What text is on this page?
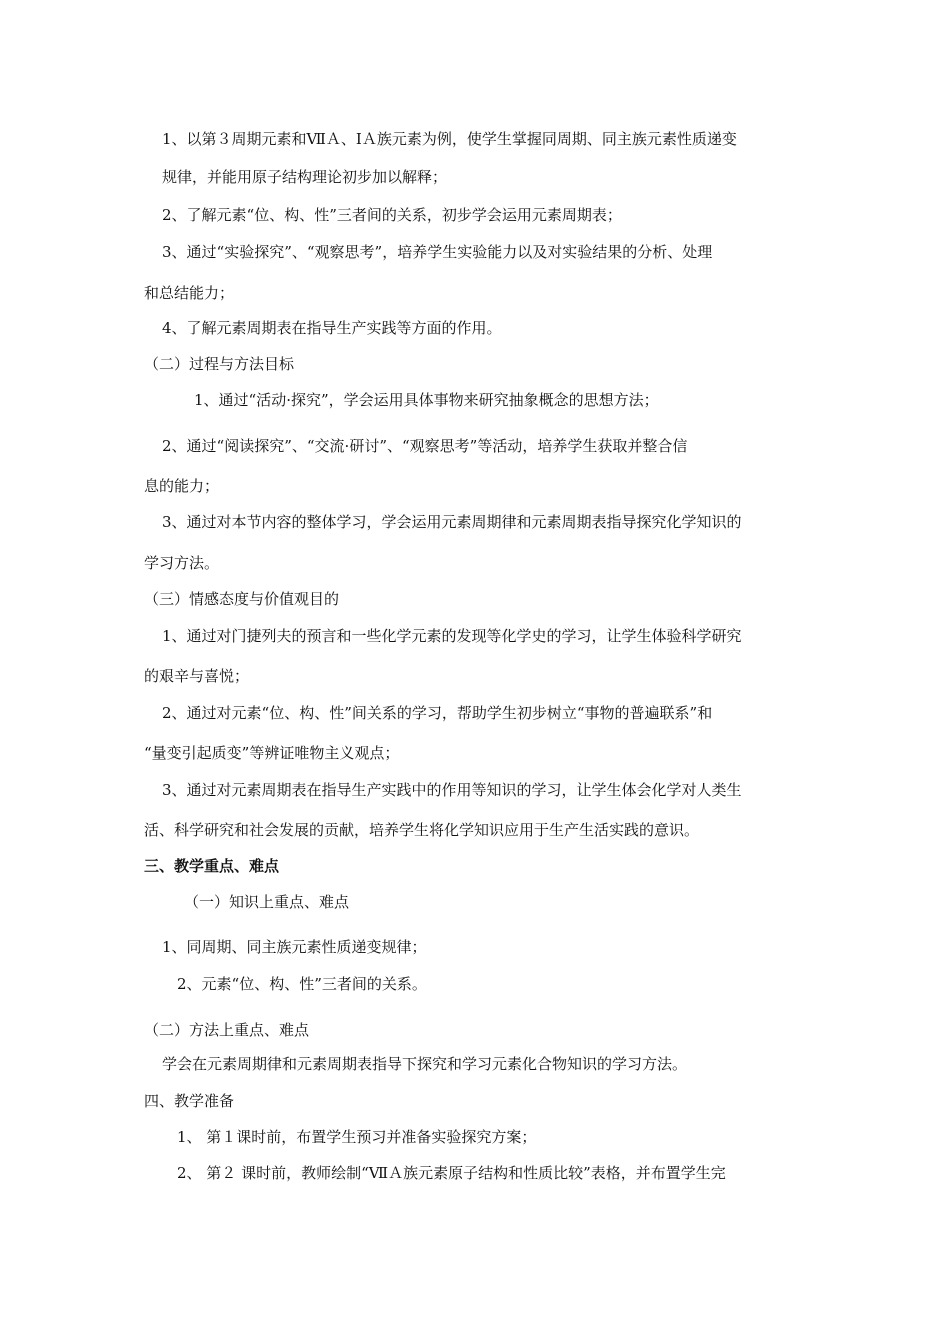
1、以第３周期元素和ⅦＡ、ⅠＡ族元素为例，使学生掌握同周期、同主族元素性质递变
规律，并能用原子结构理论初步加以解释；
2、了解元素“位、构、性”三者间的关系，初步学会运用元素周期表；
3、通过“实验探究”、“观察思考”，培养学生实验能力以及对实验结果的分析、处理
和总结能力；
4、了解元素周期表在指导生产实践等方面的作用。
（二）过程与方法目标
1、通过“活动·探究”，学会运用具体事物来研究抽象概念的思想方法；
2、通过“阅读探究”、“交流·研讨”、“观察思考”等活动，培养学生获取并整合信
息的能力；
3、通过对本节内容的整体学习，学会运用元素周期律和元素周期表指导探究化学知识的
学习方法。
（三）情感态度与价值观目的
1、通过对门捷列夫的预言和一些化学元素的发现等化学史的学习，让学生体验科学研究
的艰辛与喜悦；
2、通过对元素“位、构、性”间关系的学习，帮助学生初步树立“事物的普遍联系”和
“量变引起质变”等辨证唯物主义观点；
3、通过对元素周期表在指导生产实践中的作用等知识的学习，让学生体会化学对人类生
活、科学研究和社会发展的贡献，培养学生将化学知识应用于生产生活实践的意识。
三、教学重点、难点
（一）知识上重点、难点
1、同周期、同主族元素性质递变规律；
2、元素“位、构、性”三者间的关系。
（二）方法上重点、难点
学会在元素周期律和元素周期表指导下探究和学习元素化合物知识的学习方法。
四、教学准备
1、 第１课时前，布置学生预习并准备实验探究方案；
2、 第２ 课时前，教师绘制“ⅦＡ族元素原子结构和性质比较”表格，并布置学生完
